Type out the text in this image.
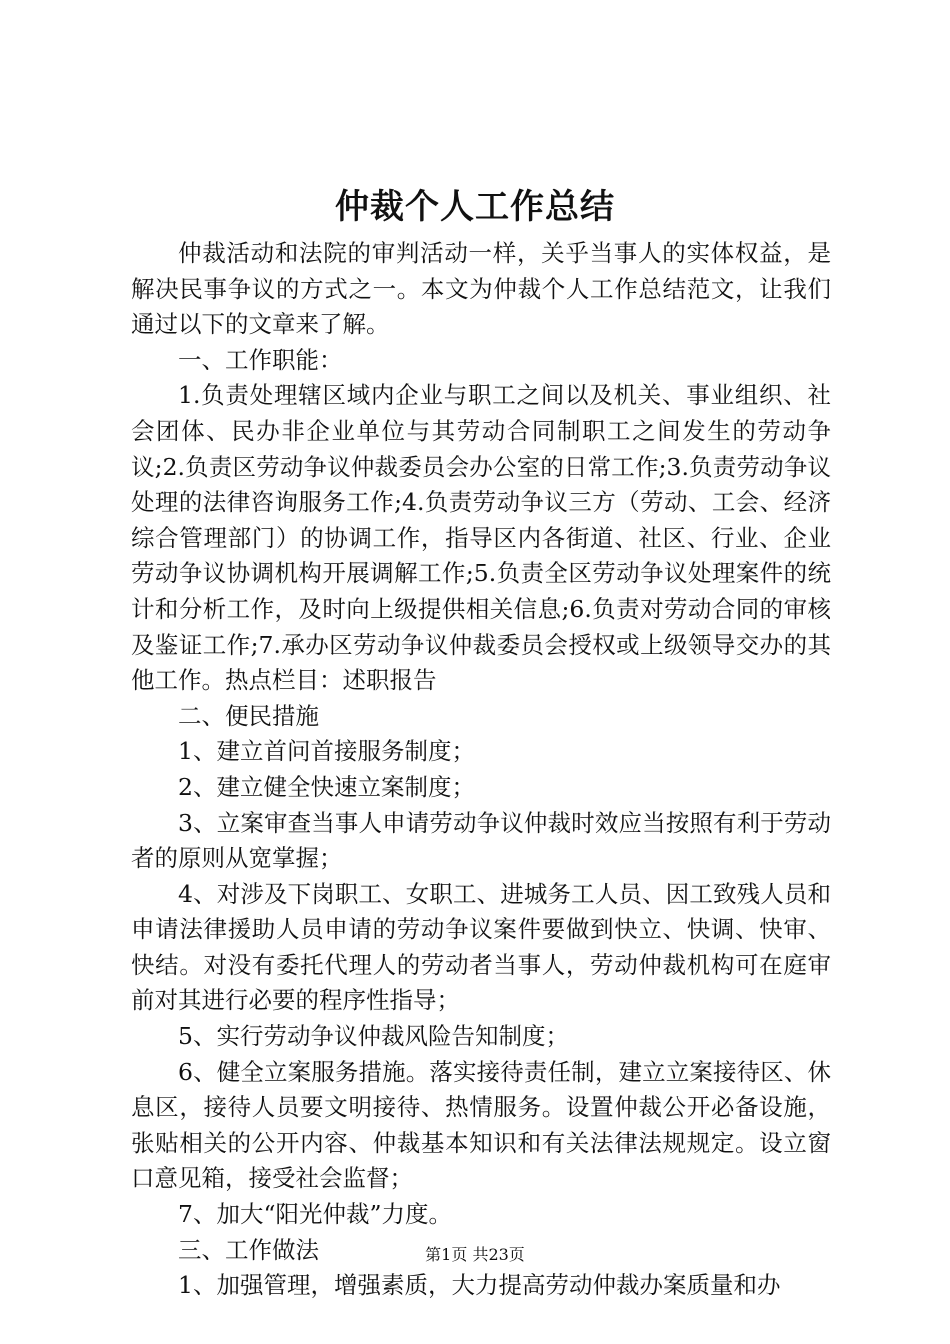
仲裁个人工作总结

仲裁活动和法院的审判活动一样，关乎当事人的实体权益，是解决民事争议的方式之一。本文为仲裁个人工作总结范文，让我们通过以下的文章来了解。

一、工作职能：

1.负责处理辖区域内企业与职工之间以及机关、事业组织、社会团体、民办非企业单位与其劳动合同制职工之间发生的劳动争议;2.负责区劳动争议仲裁委员会办公室的日常工作;3.负责劳动争议处理的法律咨询服务工作;4.负责劳动争议三方（劳动、工会、经济综合管理部门）的协调工作，指导区内各街道、社区、行业、企业劳动争议协调机构开展调解工作;5.负责全区劳动争议处理案件的统计和分析工作，及时向上级提供相关信息;6.负责对劳动合同的审核及鉴证工作;7.承办区劳动争议仲裁委员会授权或上级领导交办的其他工作。热点栏目：述职报告

二、便民措施

1、建立首问首接服务制度；

2、建立健全快速立案制度；

3、立案审查当事人申请劳动争议仲裁时效应当按照有利于劳动者的原则从宽掌握；

4、对涉及下岗职工、女职工、进城务工人员、因工致残人员和申请法律援助人员申请的劳动争议案件要做到快立、快调、快审、快结。对没有委托代理人的劳动者当事人，劳动仲裁机构可在庭审前对其进行必要的程序性指导；

5、实行劳动争议仲裁风险告知制度；

6、健全立案服务措施。落实接待责任制，建立立案接待区、休息区，接待人员要文明接待、热情服务。设置仲裁公开必备设施，张贴相关的公开内容、仲裁基本知识和有关法律法规规定。设立窗口意见箱，接受社会监督；

7、加大“阳光仲裁”力度。

三、工作做法

1、加强管理，增强素质，大力提高劳动仲裁办案质量和办

第1页 共23页
